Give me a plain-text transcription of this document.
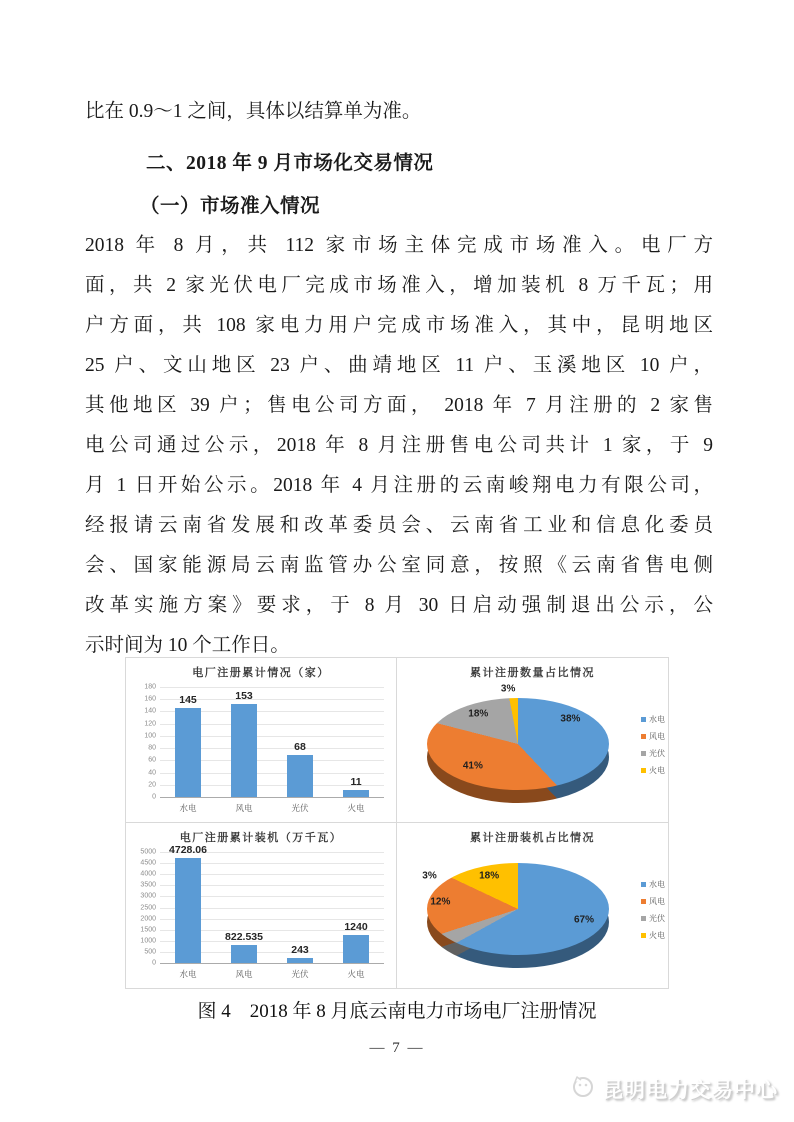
比在 0.9～1 之间，具体以结算单为准。
二、2018 年 9 月市场化交易情况
（一）市场准入情况
2018 年 8 月，共 112 家市场主体完成市场准入。电厂方
面，共 2 家光伏电厂完成市场准入，增加装机 8 万千瓦；用
户方面，共 108 家电力用户完成市场准入，其中，昆明地区
25 户、文山地区 23 户、曲靖地区 11 户、玉溪地区 10 户，
其他地区 39 户；售电公司方面， 2018 年 7 月注册的 2 家售
电公司通过公示，2018 年 8 月注册售电公司共计 1 家，于 9
月 1 日开始公示。2018 年 4 月注册的云南峻翔电力有限公司，
经报请云南省发展和改革委员会、云南省工业和信息化委员
会、国家能源局云南监管办公室同意，按照《云南省售电侧
改革实施方案》要求，于 8 月 30 日启动强制退出公示，公
示时间为 10 个工作日。
电厂注册累计情况（家）
0
20
40
60
80
100
120
140
160
180
145
水电
153
风电
68
光伏
11
火电
累计注册数量占比情况
38%
41%
18%
3%
水电
风电
光伏
火电
电厂注册累计装机（万千瓦）
0
500
1000
1500
2000
2500
3000
3500
4000
4500
5000 4728.06
水电
822.535
风电
243
光伏
1240
火电
累计注册装机占比情况
67%
3%
12%
18%
水电
风电
光伏
火电
图 4　2018 年 8 月底云南电力市场电厂注册情况
— 7 —
昆明电力交易中心
